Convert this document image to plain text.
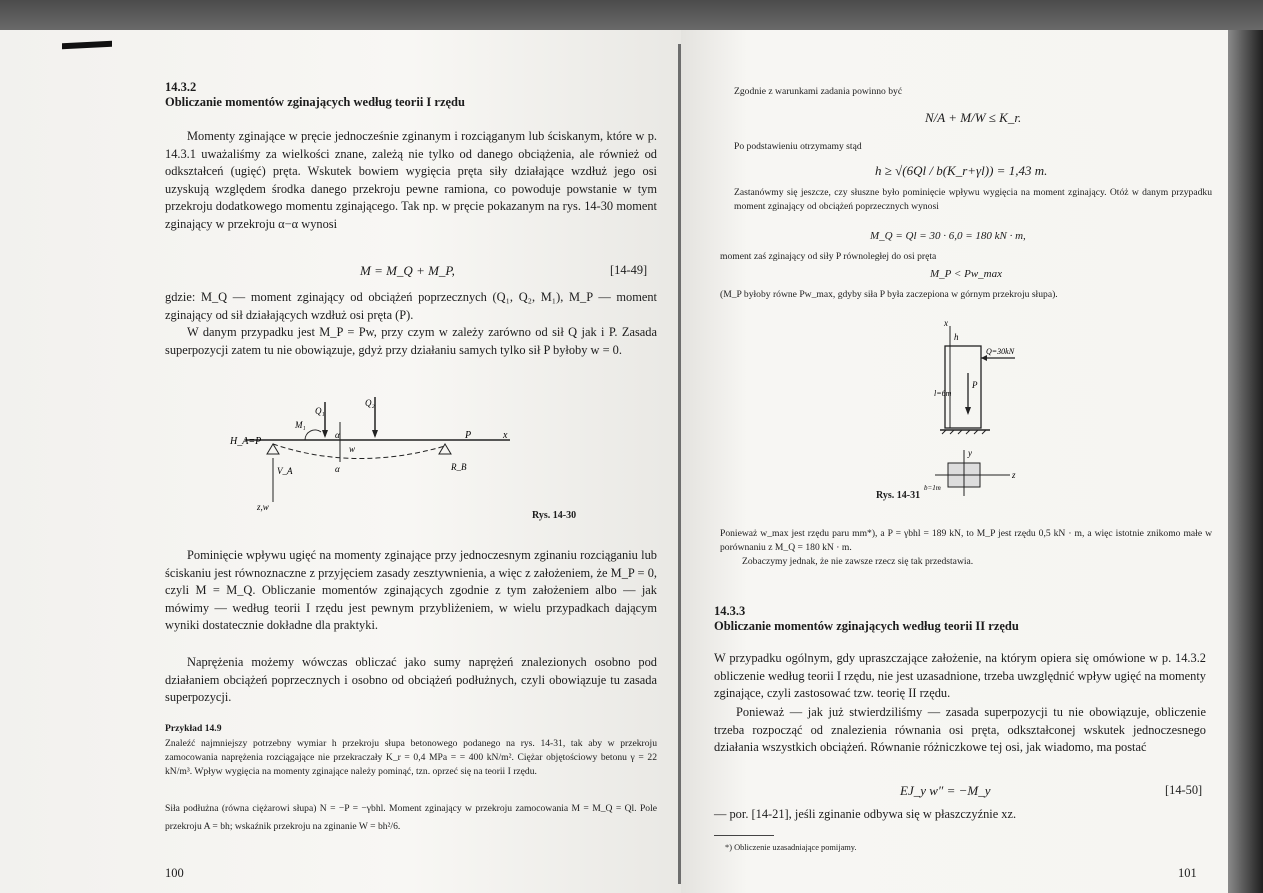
14.3.2
Obliczanie momentów zginających według teorii I rzędu

Momenty zginające w pręcie jednocześnie zginanym i rozciąganym lub ściskanym, które w p. 14.3.1 uważaliśmy za wielkości znane, zależą nie tylko od danego obciążenia, ale również od odkształceń (ugięć) pręta. Wskutek bowiem wygięcia pręta siły działające wzdłuż jego osi uzyskują względem środka danego przekroju pewne ramiona, co powoduje powstanie w tym przekroju dodatkowego momentu zginającego. Tak np. w pręcie pokazanym na rys. 14-30 moment zginający w przekroju α−α wynosi

M = M_Q + M_P,	[14-49]

gdzie: M_Q — moment zginający od obciążeń poprzecznych (Q₁, Q₂, M₁), M_P — moment zginający od sił działających wzdłuż osi pręta (P).

W danym przypadku jest M_P = Pw, przy czym w zależy zarówno od sił Q jak i P. Zasada superpozycji zatem tu nie obowiązuje, gdyż przy działaniu samych tylko sił P byłoby w = 0.

H_A=P
V_A	R_B
Q₁
Q₂
M₁
α
α
w
P	x
z,w
Rys. 14-30

Pominięcie wpływu ugięć na momenty zginające przy jednoczesnym zginaniu rozciąganiu lub ściskaniu jest równoznaczne z przyjęciem zasady zesztywnienia, a więc z założeniem, że M_P = 0, czyli M = M_Q. Obliczanie momentów zginających zgodnie z tym założeniem albo — jak mówimy — według teorii I rzędu jest pewnym przybliżeniem, w wielu przypadkach dającym wyniki dostatecznie dokładne dla praktyki.

Naprężenia możemy wówczas obliczać jako sumy naprężeń znalezionych osobno pod działaniem obciążeń poprzecznych i osobno od obciążeń podłużnych, czyli obowiązuje tu zasada superpozycji.

Przykład 14.9

Znaleźć najmniejszy potrzebny wymiar h przekroju słupa betonowego podanego na rys. 14-31, tak aby w przekroju zamocowania naprężenia rozciągające nie przekraczały K_r = 0,4 MPa = = 400 kN/m². Ciężar objętościowy betonu γ = 22 kN/m³. Wpływ wygięcia na momenty zginające należy pominąć, tzn. oprzeć się na teorii I rzędu.

Siła podłużna (równa ciężarowi słupa) N = −P = −γbhl. Moment zginający w przekroju zamocowania M = M_Q = Ql. Pole przekroju A = bh; wskaźnik przekroju na zginanie W = bh²/6.

100

Zgodnie z warunkami zadania powinno być

N/A + M/W ≤ K_r.

Po podstawieniu otrzymamy stąd

h ≥ √(6Ql / b(K_r+γl)) = 1,43 m.

Zastanówmy się jeszcze, czy słuszne było pominięcie wpływu wygięcia na moment zginający. Otóż w danym przypadku moment zginający od obciążeń poprzecznych wynosi

M_Q = Ql = 30 · 6,0 = 180 kN · m,

moment zaś zginający od siły P równoległej do osi pręta

M_P < Pw_max

(M_P byłoby równe Pw_max, gdyby siła P była zaczepiona w górnym przekroju słupa).

x
h
Q=30kN
l=6m
P
y
z
b=1m
Rys. 14-31

Ponieważ w_max jest rzędu paru mm*), a P = γbhl = 189 kN, to M_P jest rzędu 0,5 kN · m, a więc istotnie znikomo małe w porównaniu z M_Q = 180 kN · m.

Zobaczymy jednak, że nie zawsze rzecz się tak przedstawia.

14.3.3
Obliczanie momentów zginających według teorii II rzędu

W przypadku ogólnym, gdy upraszczające założenie, na którym opiera się omówione w p. 14.3.2 obliczenie według teorii I rzędu, nie jest uzasadnione, trzeba uwzględnić wpływ ugięć na momenty zginające, czyli zastosować tzw. teorię II rzędu.

Ponieważ — jak już stwierdziliśmy — zasada superpozycji tu nie obowiązuje, obliczenie trzeba rozpocząć od znalezienia równania osi pręta, odkształconej wskutek jednoczesnego działania wszystkich obciążeń. Równanie różniczkowe tej osi, jak wiadomo, ma postać

EJ_y w″ = −M_y	[14-50]

— por. [14-21], jeśli zginanie odbywa się w płaszczyźnie xz.

*) Obliczenie uzasadniające pomijamy.
101
